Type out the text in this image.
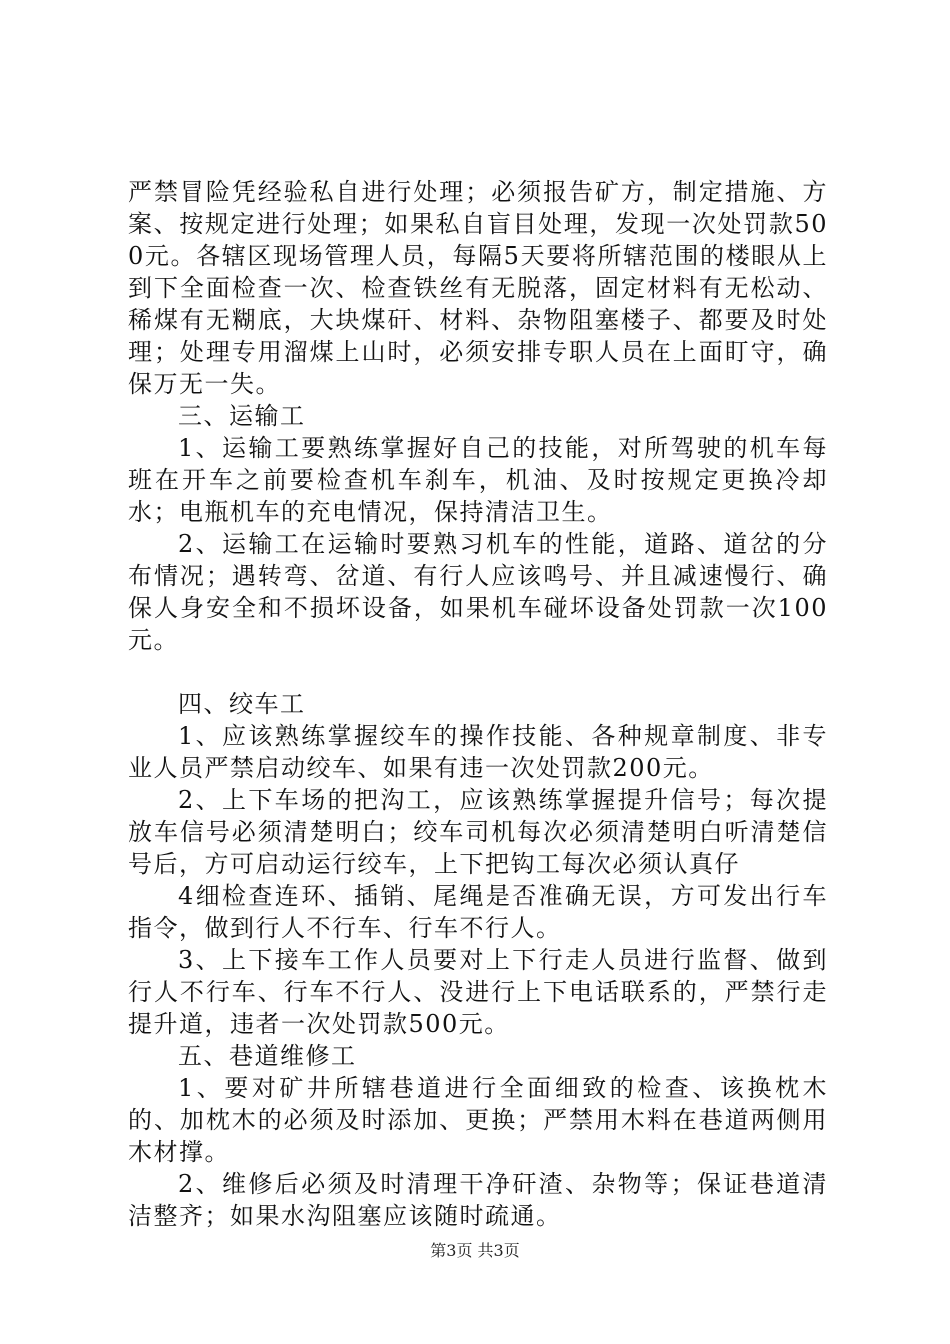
严禁冒险凭经验私自进行处理；必须报告矿方，制定措施、方案、按规定进行处理；如果私自盲目处理，发现一次处罚款500元。各辖区现场管理人员，每隔5天要将所辖范围的楼眼从上到下全面检查一次、检查铁丝有无脱落，固定材料有无松动、稀煤有无糊底，大块煤矸、材料、杂物阻塞楼子、都要及时处理；处理专用溜煤上山时，必须安排专职人员在上面盯守，确保万无一失。

三、运输工

1、运输工要熟练掌握好自己的技能，对所驾驶的机车每班在开车之前要检查机车刹车，机油、及时按规定更换冷却水；电瓶机车的充电情况，保持清洁卫生。

2、运输工在运输时要熟习机车的性能，道路、道岔的分布情况；遇转弯、岔道、有行人应该鸣号、并且减速慢行、确保人身安全和不损坏设备，如果机车碰坏设备处罚款一次100元。

四、绞车工

1、应该熟练掌握绞车的操作技能、各种规章制度、非专业人员严禁启动绞车、如果有违一次处罚款200元。

2、上下车场的把沟工，应该熟练掌握提升信号；每次提放车信号必须清楚明白；绞车司机每次必须清楚明白听清楚信号后，方可启动运行绞车，上下把钩工每次必须认真仔

4细检查连环、插销、尾绳是否准确无误，方可发出行车指令，做到行人不行车、行车不行人。

3、上下接车工作人员要对上下行走人员进行监督、做到行人不行车、行车不行人、没进行上下电话联系的，严禁行走提升道，违者一次处罚款500元。

五、巷道维修工

1、要对矿井所辖巷道进行全面细致的检查、该换枕木的、加枕木的必须及时添加、更换；严禁用木料在巷道两侧用木材撑。

2、维修后必须及时清理干净矸渣、杂物等；保证巷道清洁整齐；如果水沟阻塞应该随时疏通。

第3页 共3页
